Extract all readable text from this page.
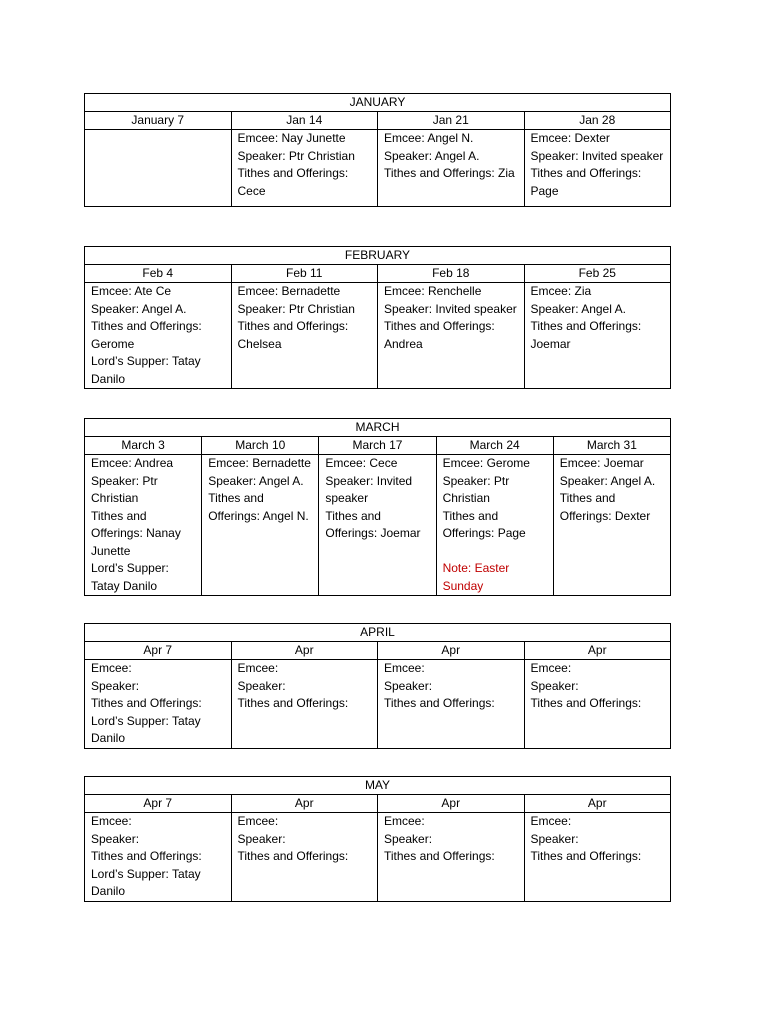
JANUARY			
January 7	Jan 14	Jan 21	Jan 28

	Emcee: Nay Junette
Speaker: Ptr Christian
Tithes and Offerings: Cece	Emcee: Angel N.
Speaker: Angel A.
Tithes and Offerings: Zia	Emcee: Dexter
Speaker: Invited speaker
Tithes and Offerings: Page
FEBRUARY			
Feb 4	Feb 11	Feb 18	Feb 25

Emcee: Ate Ce
Speaker: Angel A.
Tithes and Offerings: Gerome
Lord’s Supper: Tatay Danilo	Emcee: Bernadette
Speaker: Ptr Christian
Tithes and Offerings: Chelsea	Emcee: Renchelle
Speaker: Invited speaker
Tithes and Offerings: Andrea	Emcee: Zia
Speaker: Angel A.
Tithes and Offerings: Joemar
MARCH				
March 3	March 10	March 17	March 24	March 31

Emcee: Andrea
Speaker: Ptr Christian
Tithes and Offerings: Nanay Junette
Lord’s Supper: Tatay Danilo	Emcee: Bernadette
Speaker: Angel A.
Tithes and Offerings: Angel N.	Emcee: Cece
Speaker: Invited speaker
Tithes and Offerings: Joemar	Emcee: Gerome
Speaker: Ptr Christian
Tithes and Offerings: Page
Note: Easter Sunday	Emcee: Joemar
Speaker: Angel A.
Tithes and Offerings: Dexter
APRIL			
Apr 7	Apr	Apr	Apr

Emcee:
Speaker:
Tithes and Offerings:
Lord’s Supper: Tatay Danilo	Emcee:
Speaker:
Tithes and Offerings:	Emcee:
Speaker:
Tithes and Offerings:	Emcee:
Speaker:
Tithes and Offerings:
MAY			
Apr 7	Apr	Apr	Apr

Emcee:
Speaker:
Tithes and Offerings:
Lord’s Supper: Tatay Danilo	Emcee:
Speaker:
Tithes and Offerings:	Emcee:
Speaker:
Tithes and Offerings:	Emcee:
Speaker:
Tithes and Offerings:
